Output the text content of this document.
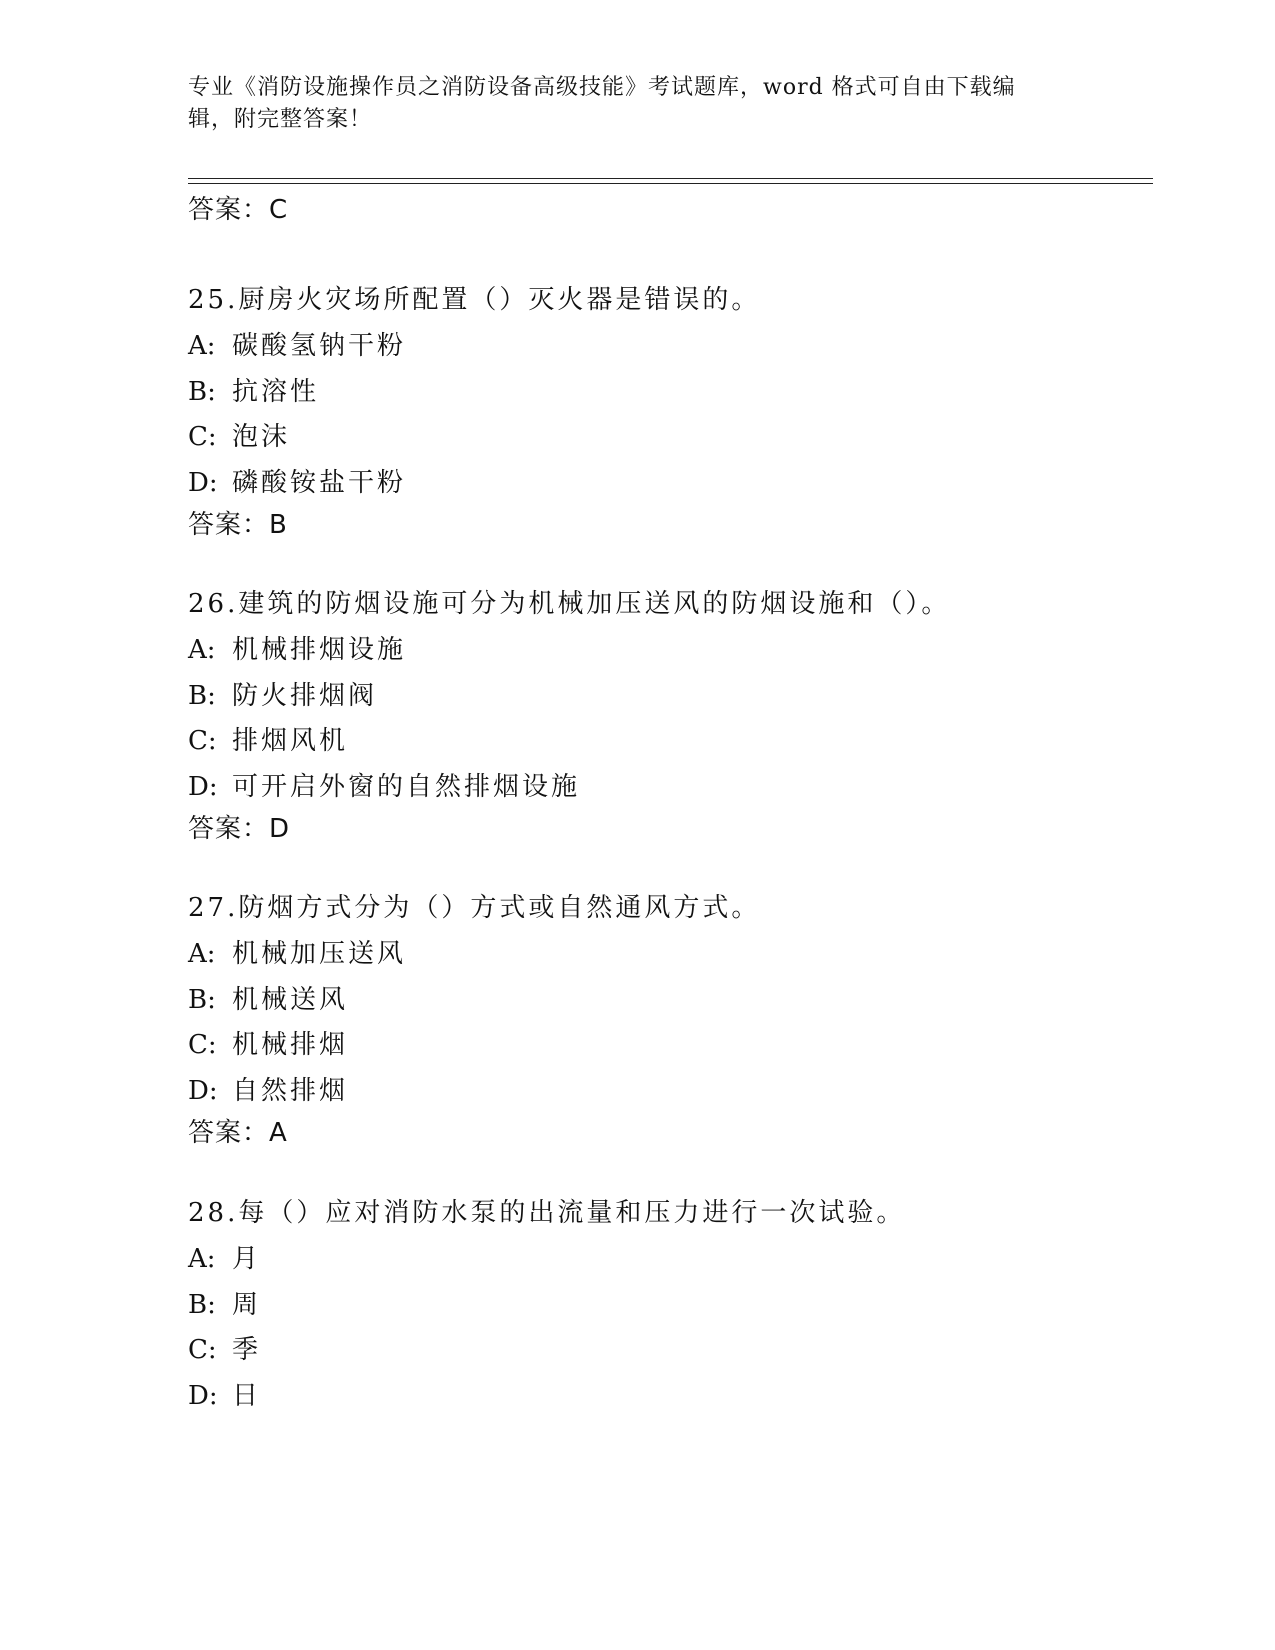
专业《消防设施操作员之消防设备高级技能》考试题库，word 格式可自由下载编
辑，附完整答案！
答案：C
25.厨房火灾场所配置（）灭火器是错误的。
A: 碳酸氢钠干粉
B: 抗溶性
C: 泡沫
D: 磷酸铵盐干粉
答案：B
26.建筑的防烟设施可分为机械加压送风的防烟设施和（）。
A: 机械排烟设施
B: 防火排烟阀
C: 排烟风机
D: 可开启外窗的自然排烟设施
答案：D
27.防烟方式分为（）方式或自然通风方式。
A: 机械加压送风
B: 机械送风
C: 机械排烟
D: 自然排烟
答案：A
28.每（）应对消防水泵的出流量和压力进行一次试验。
A: 月
B: 周
C: 季
D: 日
